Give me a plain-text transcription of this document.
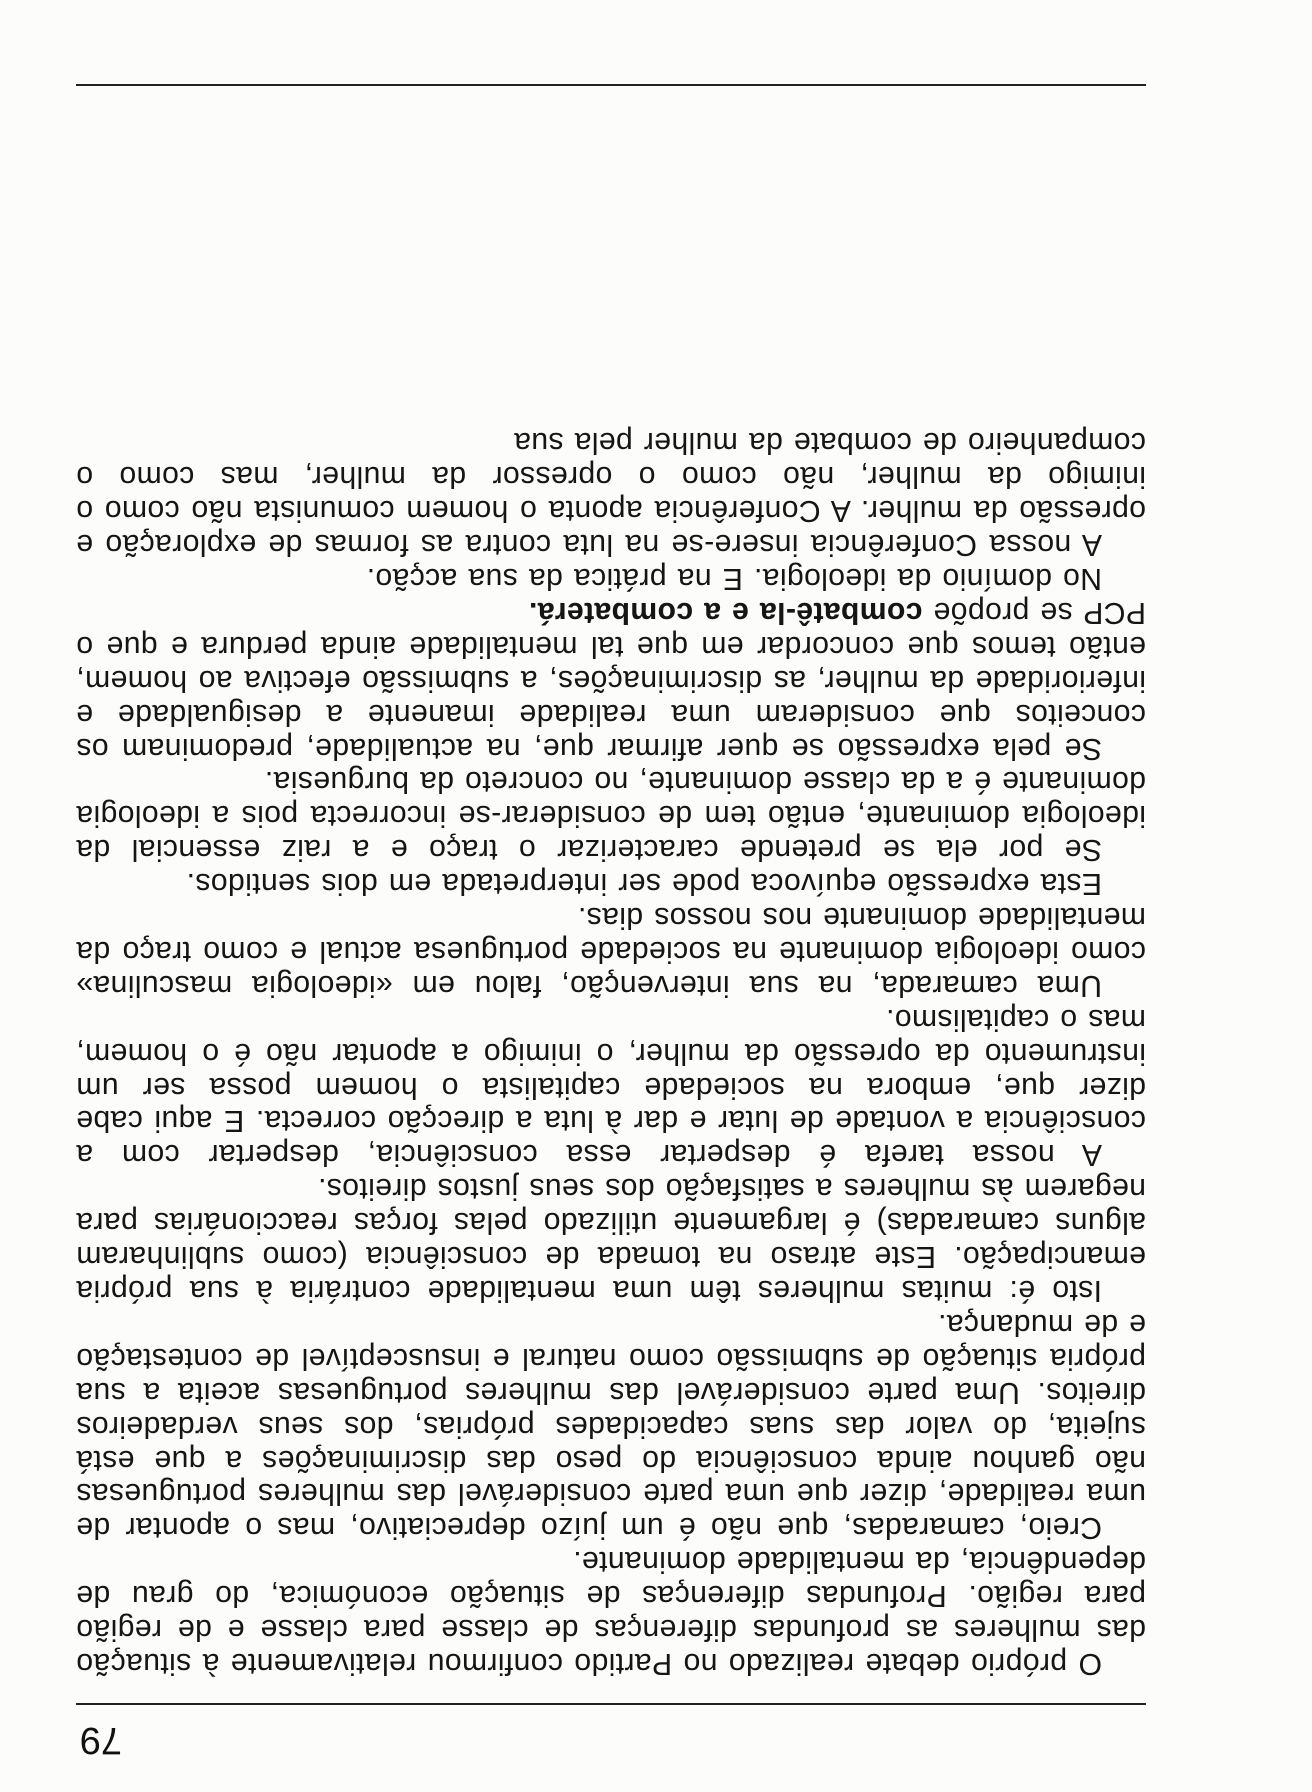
79

O próprio debate realizado no Partido confirmou relativamente à situação das mulheres as profundas diferenças de classe para classe e de região para região. Profundas diferenças de situação económica, do grau de dependência, da mentalidade dominante.

Creio, camaradas, que não é um juízo depreciativo, mas o apontar de uma realidade, dizer que uma parte considerável das mulheres portuguesas não ganhou ainda consciência do peso das discriminações a que está sujeita, do valor das suas capacidades próprias, dos seus verdadeiros direitos. Uma parte considerável das mulheres portuguesas aceita a sua própria situação de submissão como natural e insusceptível de contestação e de mudança.

Isto é: muitas mulheres têm uma mentalidade contrária à sua própria emancipação. Este atraso na tomada de consciência (como sublinharam alguns camaradas) é largamente utilizado pelas forças reaccionárias para negarem às mulheres a satisfação dos seus justos direitos.

A nossa tarefa é despertar essa consciência, despertar com a consciência a vontade de lutar e dar à luta a direcção correcta. E aqui cabe dizer que, embora na sociedade capitalista o homem possa ser um instrumento da opressão da mulher, o inimigo a apontar não é o homem, mas o capitalismo.

Uma camarada, na sua intervenção, falou em «ideologia masculina» como ideologia dominante na sociedade portuguesa actual e como traço da mentalidade dominante nos nossos dias.

Esta expressão equívoca pode ser interpretada em dois sentidos.

Se por ela se pretende caracterizar o traço e a raiz essencial da ideologia dominante, então tem de considerar-se incorrecta pois a ideologia dominante é a da classe dominante, no concreto da burguesia.

Se pela expressão se quer afirmar que, na actualidade, predominam os conceitos que consideram uma realidade imanente a desigualdade e inferioridade da mulher, as discriminações, a submissão efectiva ao homem, então temos que concordar em que tal mentalidade ainda perdura e que o PCP se propõe combatê-la e a combaterá.

No domínio da ideologia. E na prática da sua acção.

A nossa Conferência insere-se na luta contra as formas de exploração e opressão da mulher. A Conferência aponta o homem comunista não como o inimigo da mulher, não como o opressor da mulher, mas como o companheiro de combate da mulher pela sua
